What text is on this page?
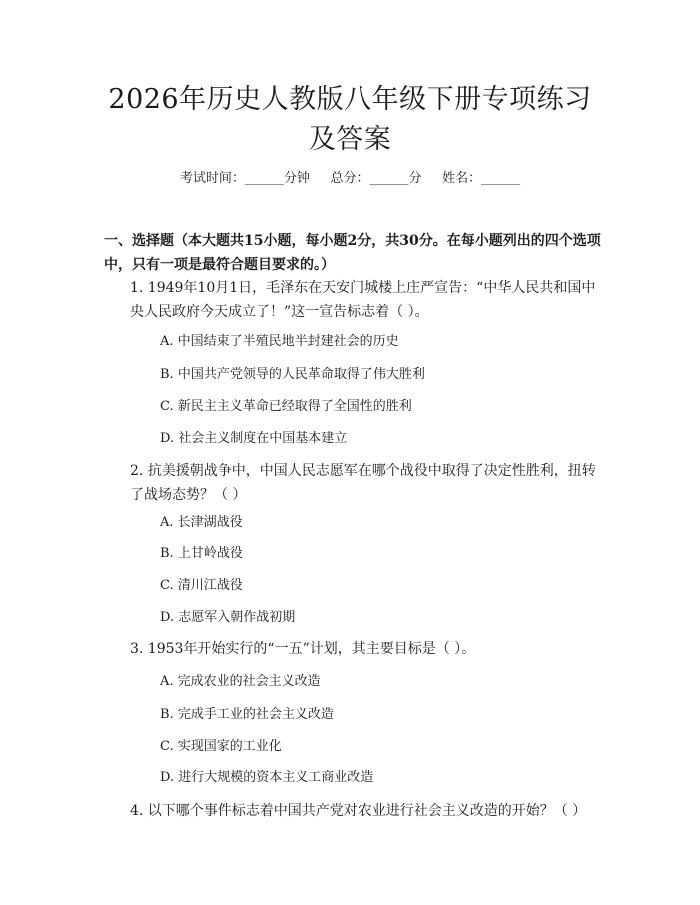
2026年历史人教版八年级下册专项练习及答案
考试时间：______分钟     总分：______分     姓名：______
一、选择题（本大题共15小题，每小题2分，共30分。在每小题列出的四个选项中，只有一项是最符合题目要求的。）
1. 1949年10月1日，毛泽东在天安门城楼上庄严宣告：“中华人民共和国中央人民政府今天成立了！”这一宣告标志着（ ）。
A. 中国结束了半殖民地半封建社会的历史
B. 中国共产党领导的人民革命取得了伟大胜利
C. 新民主主义革命已经取得了全国性的胜利
D. 社会主义制度在中国基本建立
2. 抗美援朝战争中，中国人民志愿军在哪个战役中取得了决定性胜利，扭转了战场态势？（ ）
A. 长津湖战役
B. 上甘岭战役
C. 清川江战役
D. 志愿军入朝作战初期
3. 1953年开始实行的“一五”计划，其主要目标是（ ）。
A. 完成农业的社会主义改造
B. 完成手工业的社会主义改造
C. 实现国家的工业化
D. 进行大规模的资本主义工商业改造
4. 以下哪个事件标志着中国共产党对农业进行社会主义改造的开始？（ ）
